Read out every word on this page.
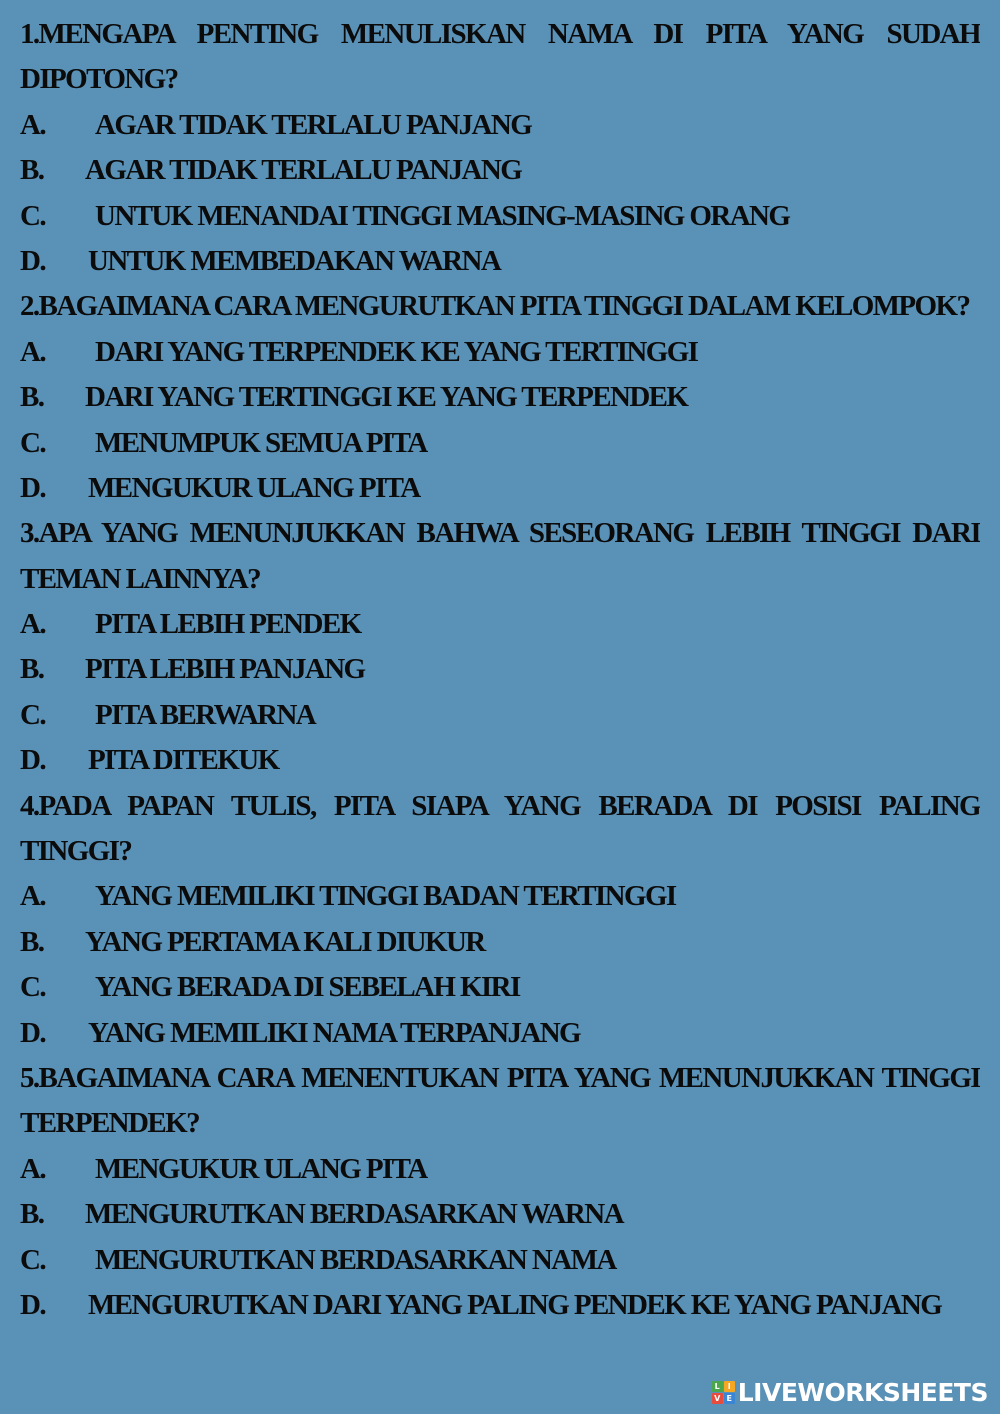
1.MENGAPA PENTING MENULISKAN NAMA DI PITA YANG SUDAH
DIPOTONG?
A.	AGAR TIDAK TERLALU PANJANG
B.	AGAR TIDAK TERLALU PANJANG
C.	UNTUK MENANDAI TINGGI MASING-MASING ORANG
D.	UNTUK MEMBEDAKAN WARNA
2.BAGAIMANA CARA MENGURUTKAN PITA TINGGI DALAM KELOMPOK?
A.	DARI YANG TERPENDEK KE YANG TERTINGGI
B.	DARI YANG TERTINGGI KE YANG TERPENDEK
C.	MENUMPUK SEMUA PITA
D.	MENGUKUR ULANG PITA
3.APA YANG MENUNJUKKAN BAHWA SESEORANG LEBIH TINGGI DARI
TEMAN LAINNYA?
A.	PITA LEBIH PENDEK
B.	PITA LEBIH PANJANG
C.	PITA BERWARNA
D.	PITA DITEKUK
4.PADA PAPAN TULIS, PITA SIAPA YANG BERADA DI POSISI PALING
TINGGI?
A.	YANG MEMILIKI TINGGI BADAN TERTINGGI
B.	YANG PERTAMA KALI DIUKUR
C.	YANG BERADA DI SEBELAH KIRI
D.	YANG MEMILIKI NAMA TERPANJANG
5.BAGAIMANA CARA MENENTUKAN PITA YANG MENUNJUKKAN TINGGI
TERPENDEK?
A.	MENGUKUR ULANG PITA
B.	MENGURUTKAN BERDASARKAN WARNA
C.	MENGURUTKAN BERDASARKAN NAMA
D.	MENGURUTKAN DARI YANG PALING PENDEK KE YANG PANJANG
L I
V E LIVEWORKSHEETS
